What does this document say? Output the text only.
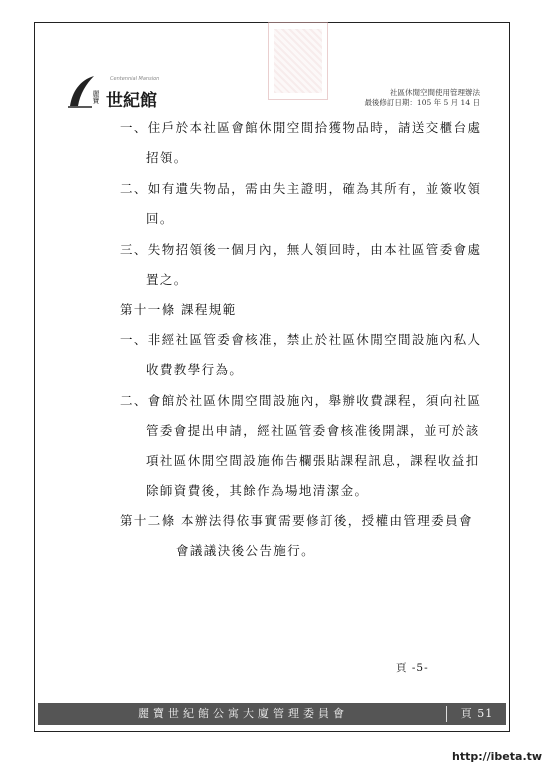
Centennial Mansion
麗寶 世紀館	社區休閒空間使用管理辦法
最後修訂日期：105 年 5 月 14 日
一、住戶於本社區會館休閒空間拾獲物品時，請送交櫃台處
招領。
二、如有遺失物品，需由失主證明，確為其所有，並簽收領
回。
三、失物招領後一個月內，無人領回時，由本社區管委會處
置之。
第十一條 課程規範
一、非經社區管委會核准，禁止於社區休閒空間設施內私人
收費教學行為。
二、會館於社區休閒空間設施內，舉辦收費課程，須向社區
管委會提出申請，經社區管委會核准後開課，並可於該
項社區休閒空間設施佈告欄張貼課程訊息，課程收益扣
除師資費後，其餘作為場地清潔金。
第十二條 本辦法得依事實需要修訂後，授權由管理委員會
會議議決後公告施行。
頁 -5-
麗寶世紀館公寓大廈管理委員會	頁 51
http://ibeta.tw
